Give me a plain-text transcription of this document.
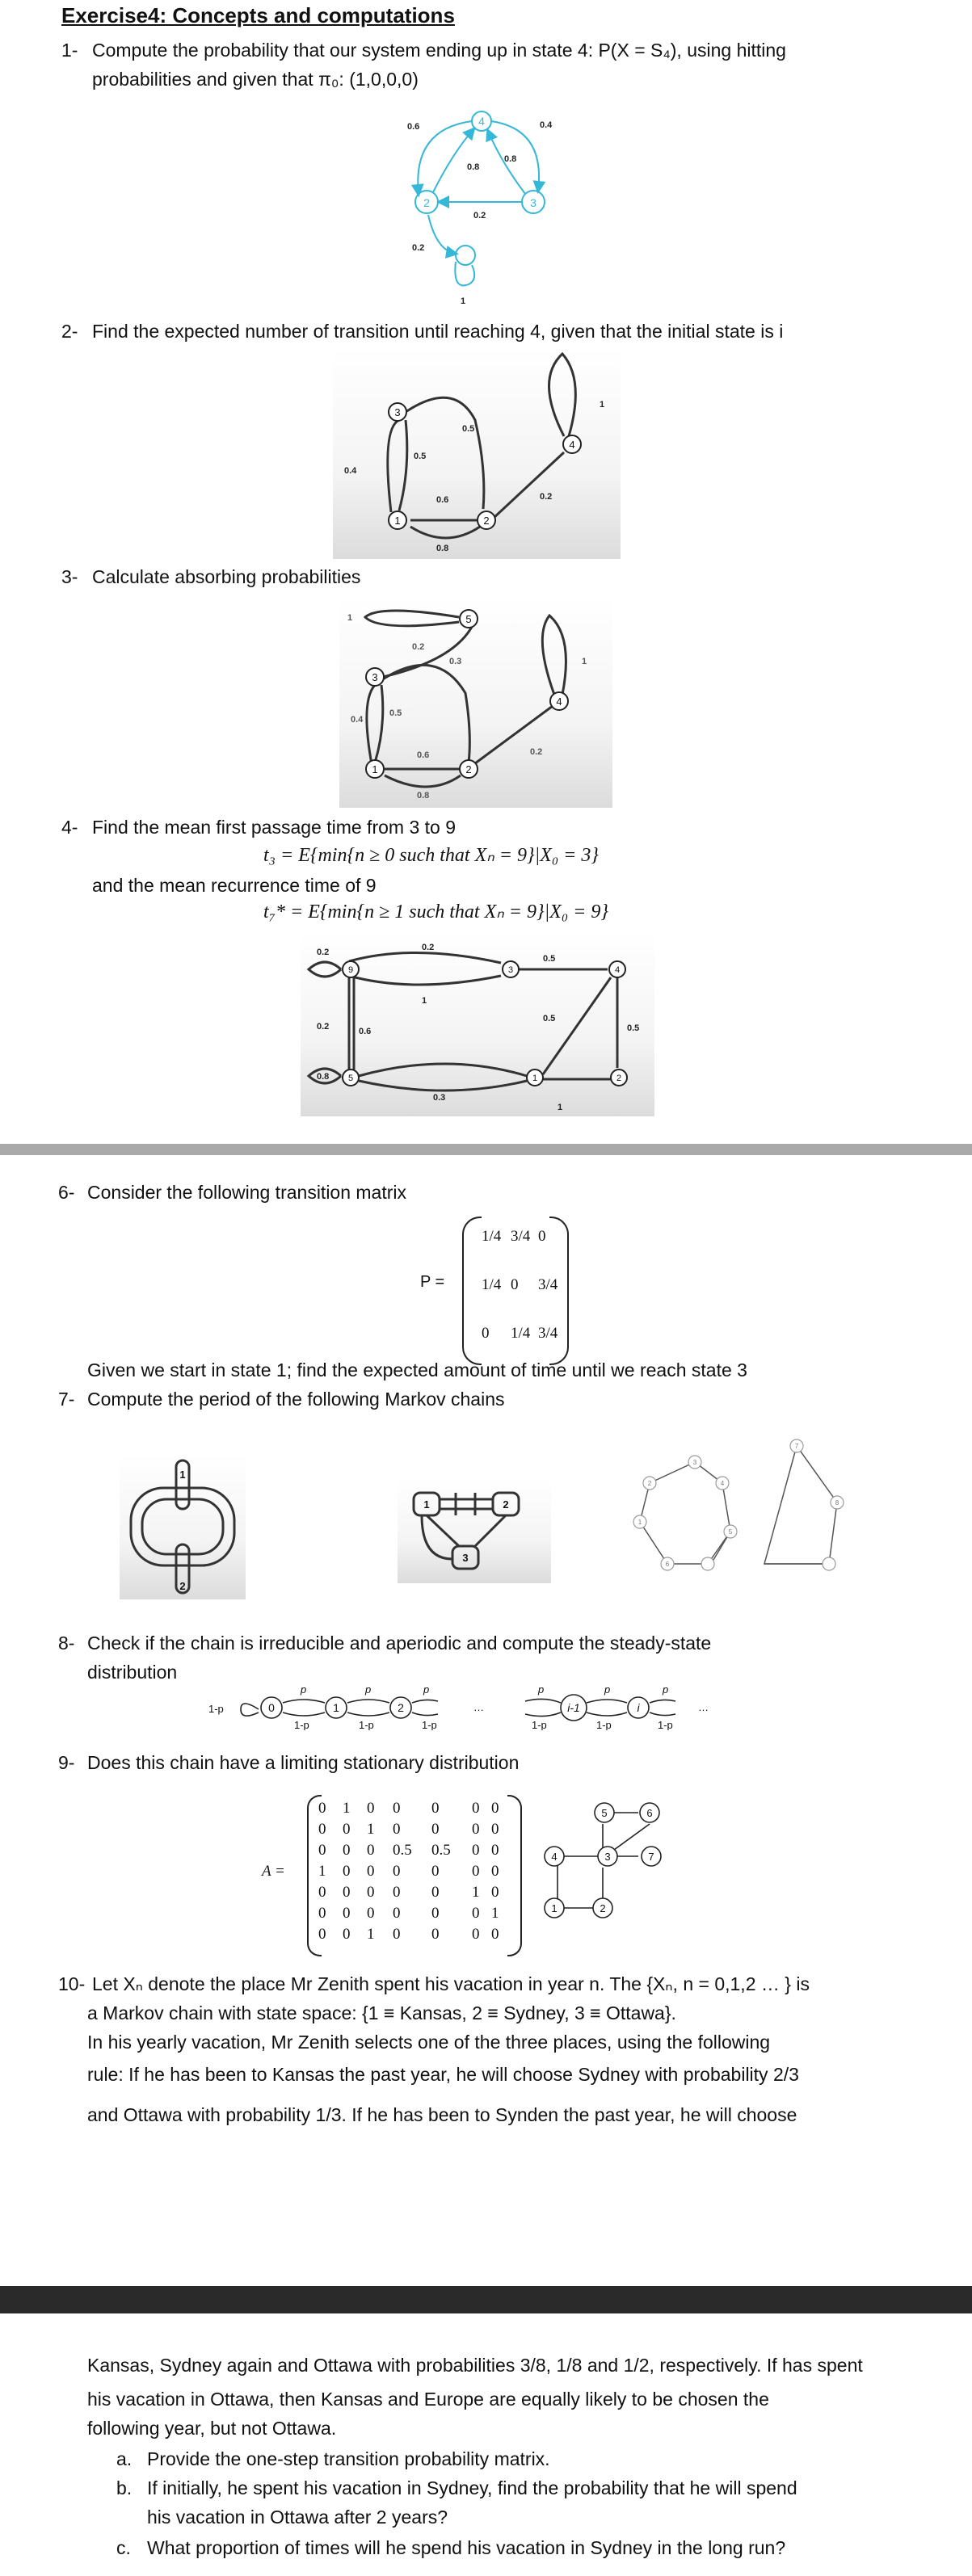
Exercise4: Concepts and computations
1- Compute the probability that our system ending up in state 4: P(X = S₄), using hitting
probabilities and given that π₀: (1,0,0,0)
0.6	0.4
0.8
0.8
0.2
0.2
1
4
2	3
2- Find the expected number of transition until reaching 4, given that the initial state is i
3
1	2
4
0.4
0.5
0.5
0.6
0.8
0.2
1
3- Calculate absorbing probabilities
5
3
1	2
4
1
0.2
0.3
0.4
0.5
0.6
0.8
0.2
1
4- Find the mean first passage time from 3 to 9
t₃ = E{min{n ≥ 0 such that Xₙ = 9}|X₀ = 3}
and the mean recurrence time of 9
t₇* = E{min{n ≥ 1 such that Xₙ = 9}|X₀ = 9}
9	3	4
5	1	2
0.2
0.2
0.5
0.2
0.6
0.5
0.5
0.8
0.3
1
1
6- Consider the following transition matrix
P =
1/4 3/4 0
1/4 0 3/4
0 1/4 3/4
Given we start in state 1; find the expected amount of time until we reach state 3
7- Compute the period of the following Markov chains
1
2
1	2
3
1
2
3
4
5
6
7
8
8- Check if the chain is irreducible and aperiodic and compute the steady-state
distribution
0	1	2	i-1	i
1-p
p	p	p	p	p	p
1-p	1-p	1-p	1-p	1-p	1-p
…	…
9- Does this chain have a limiting stationary distribution
A =
0 1 0 0 0 0 0
0 0 1 0 0 0 0
0 0 0 0.5 0.5 0 0
1 0 0 0 0 0 0
0 0 0 0 0 1 0
0 0 0 0 0 0 1
0 0 1 0 0 0 0
5	6
4	3	7
1	2
10- Let Xₙ denote the place Mr Zenith spent his vacation in year n. The {Xₙ, n = 0,1,2 … } is
a Markov chain with state space: {1 ≡ Kansas, 2 ≡ Sydney, 3 ≡ Ottawa}.
In his yearly vacation, Mr Zenith selects one of the three places, using the following
rule: If he has been to Kansas the past year, he will choose Sydney with probability 2/3
and Ottawa with probability 1/3. If he has been to Synden the past year, he will choose
Kansas, Sydney again and Ottawa with probabilities 3/8, 1/8 and 1/2, respectively. If has spent
his vacation in Ottawa, then Kansas and Europe are equally likely to be chosen the
following year, but not Ottawa.
a. Provide the one-step transition probability matrix.
b. If initially, he spent his vacation in Sydney, find the probability that he will spend
his vacation in Ottawa after 2 years?
c. What proportion of times will he spend his vacation in Sydney in the long run?
